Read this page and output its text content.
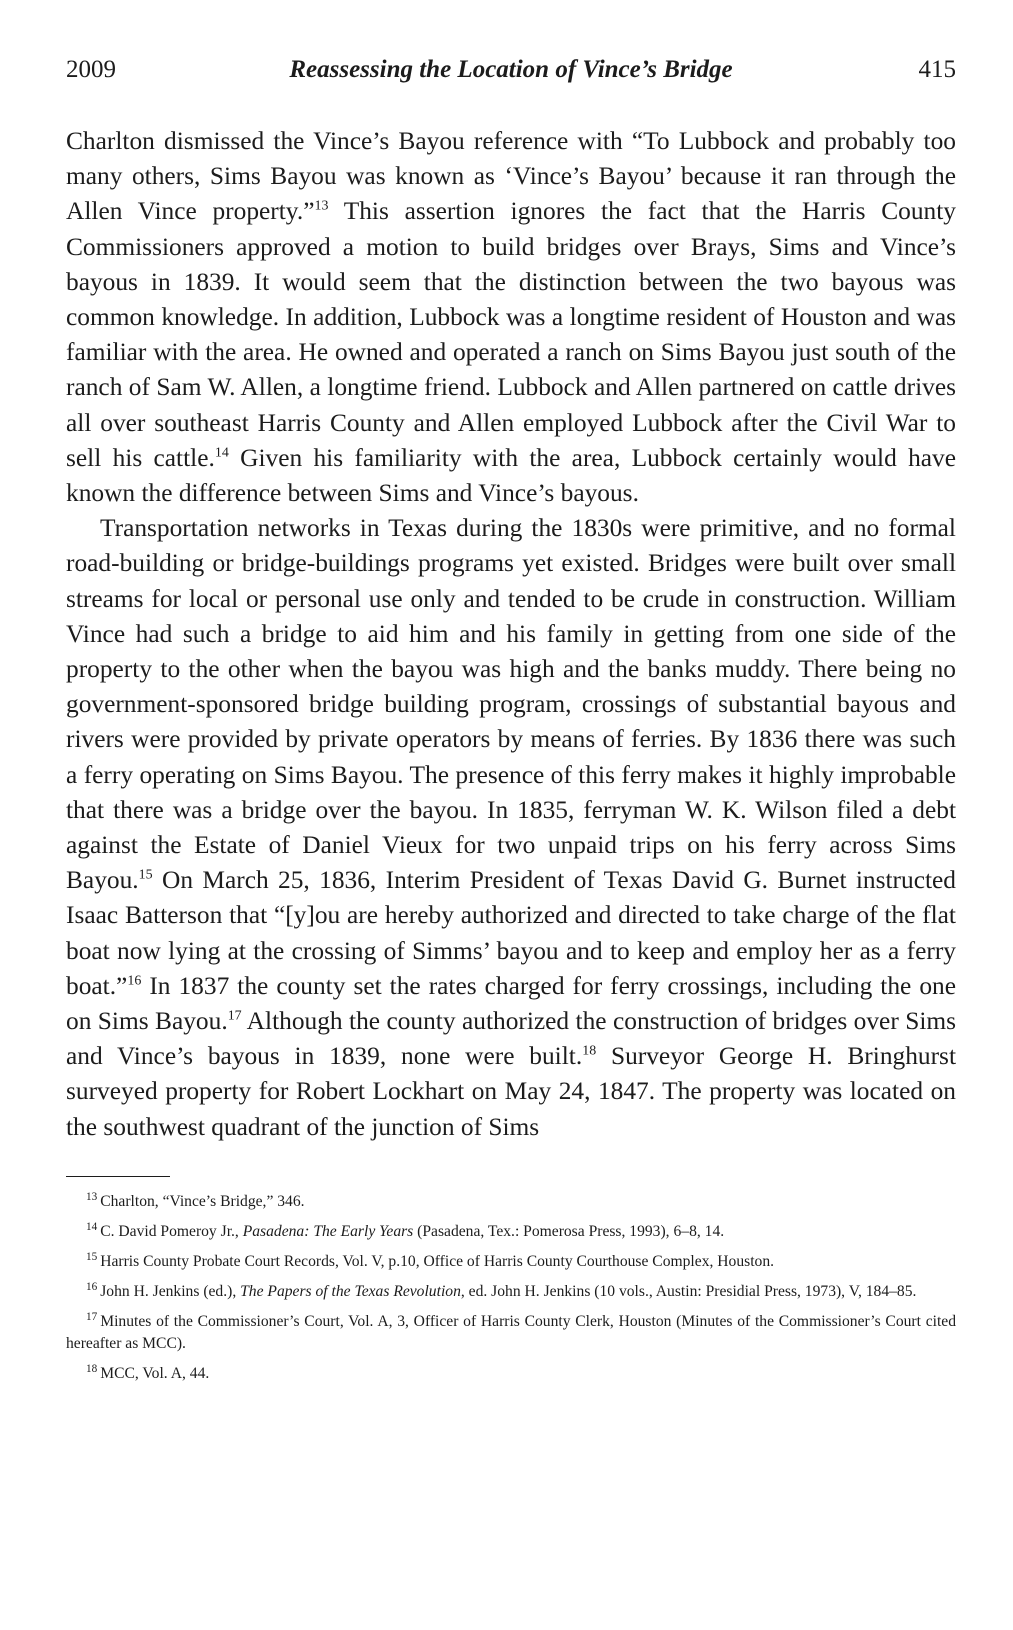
2009	Reassessing the Location of Vince’s Bridge	415

Charlton dismissed the Vince’s Bayou reference with “To Lubbock and probably too many others, Sims Bayou was known as ‘Vince’s Bayou’ because it ran through the Allen Vince property.”$^{13}$ This assertion ignores the fact that the Harris County Commissioners approved a motion to build bridges over Brays, Sims and Vince’s bayous in 1839. It would seem that the distinction between the two bayous was common knowledge. In addition, Lubbock was a longtime resident of Houston and was familiar with the area. He owned and operated a ranch on Sims Bayou just south of the ranch of Sam W. Allen, a longtime friend. Lubbock and Allen partnered on cattle drives all over southeast Harris County and Allen employed Lubbock after the Civil War to sell his cattle.$^{14}$ Given his familiarity with the area, Lubbock certainly would have known the difference between Sims and Vince’s bayous.

Transportation networks in Texas during the 1830s were primitive, and no formal road-building or bridge-buildings programs yet existed. Bridges were built over small streams for local or personal use only and tended to be crude in construction. William Vince had such a bridge to aid him and his family in getting from one side of the property to the other when the bayou was high and the banks muddy. There being no government-sponsored bridge building program, crossings of substantial bayous and rivers were provided by private operators by means of ferries. By 1836 there was such a ferry operating on Sims Bayou. The presence of this ferry makes it highly improbable that there was a bridge over the bayou. In 1835, ferryman W. K. Wilson filed a debt against the Estate of Daniel Vieux for two unpaid trips on his ferry across Sims Bayou.$^{15}$ On March 25, 1836, Interim President of Texas David G. Burnet instructed Isaac Batterson that “[y]ou are hereby authorized and directed to take charge of the flat boat now lying at the crossing of Simms’ bayou and to keep and employ her as a ferry boat.”$^{16}$ In 1837 the county set the rates charged for ferry crossings, including the one on Sims Bayou.$^{17}$ Although the county authorized the construction of bridges over Sims and Vince’s bayous in 1839, none were built.$^{18}$ Surveyor George H. Bringhurst surveyed property for Robert Lockhart on May 24, 1847. The property was located on the southwest quadrant of the junction of Sims

$^{13}$ Charlton, “Vince’s Bridge,” 346.

$^{14}$ C. David Pomeroy Jr., Pasadena: The Early Years (Pasadena, Tex.: Pomerosa Press, 1993), 6–8, 14.

$^{15}$ Harris County Probate Court Records, Vol. V, p.10, Office of Harris County Courthouse Complex, Houston.

$^{16}$ John H. Jenkins (ed.), The Papers of the Texas Revolution, ed. John H. Jenkins (10 vols., Austin: Presidial Press, 1973), V, 184–85.

$^{17}$ Minutes of the Commissioner’s Court, Vol. A, 3, Officer of Harris County Clerk, Houston (Minutes of the Commissioner’s Court cited hereafter as MCC).

$^{18}$ MCC, Vol. A, 44.
